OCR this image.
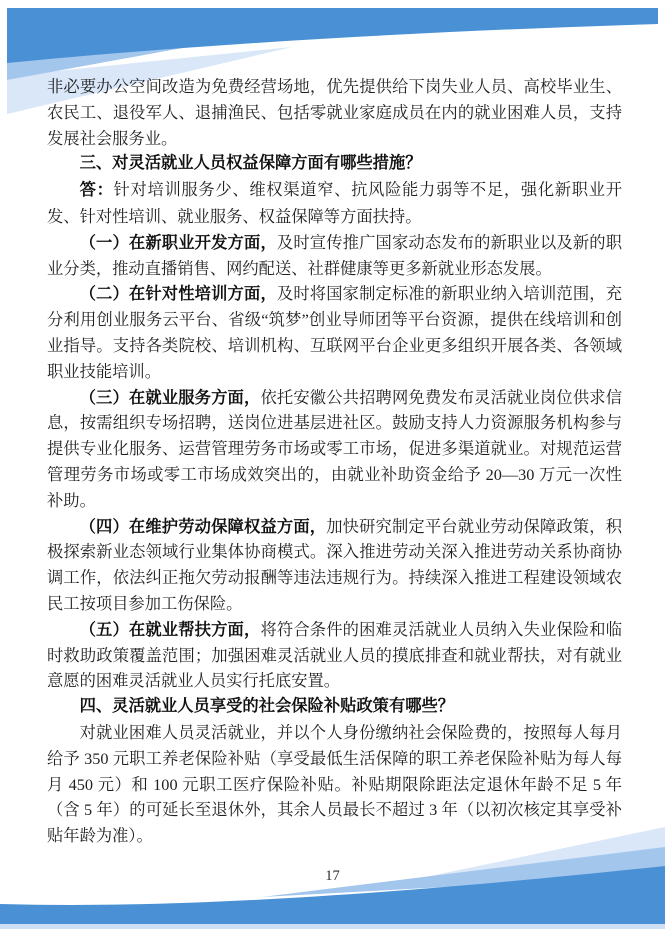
非必要办公空间改造为免费经营场地，优先提供给下岗失业人员、高校毕业生、农民工、退役军人、退捕渔民、包括零就业家庭成员在内的就业困难人员，支持发展社会服务业。

三、对灵活就业人员权益保障方面有哪些措施？

答：针对培训服务少、维权渠道窄、抗风险能力弱等不足，强化新职业开发、针对性培训、就业服务、权益保障等方面扶持。

（一）在新职业开发方面，及时宣传推广国家动态发布的新职业以及新的职业分类，推动直播销售、网约配送、社群健康等更多新就业形态发展。

（二）在针对性培训方面，及时将国家制定标准的新职业纳入培训范围，充分利用创业服务云平台、省级“筑梦”创业导师团等平台资源，提供在线培训和创业指导。支持各类院校、培训机构、互联网平台企业更多组织开展各类、各领域职业技能培训。

（三）在就业服务方面，依托安徽公共招聘网免费发布灵活就业岗位供求信息，按需组织专场招聘，送岗位进基层进社区。鼓励支持人力资源服务机构参与提供专业化服务、运营管理劳务市场或零工市场，促进多渠道就业。对规范运营管理劳务市场或零工市场成效突出的，由就业补助资金给予 20—30 万元一次性补助。

（四）在维护劳动保障权益方面，加快研究制定平台就业劳动保障政策，积极探索新业态领域行业集体协商模式。深入推进劳动关深入推进劳动关系协商协调工作，依法纠正拖欠劳动报酬等违法违规行为。持续深入推进工程建设领域农民工按项目参加工伤保险。

（五）在就业帮扶方面，将符合条件的困难灵活就业人员纳入失业保险和临时救助政策覆盖范围；加强困难灵活就业人员的摸底排查和就业帮扶，对有就业意愿的困难灵活就业人员实行托底安置。

四、灵活就业人员享受的社会保险补贴政策有哪些？

对就业困难人员灵活就业，并以个人身份缴纳社会保险费的，按照每人每月给予 350 元职工养老保险补贴（享受最低生活保障的职工养老保险补贴为每人每月 450 元）和 100 元职工医疗保险补贴。补贴期限除距法定退休年龄不足 5 年（含 5 年）的可延长至退休外，其余人员最长不超过 3 年（以初次核定其享受补贴年龄为准）。

17
